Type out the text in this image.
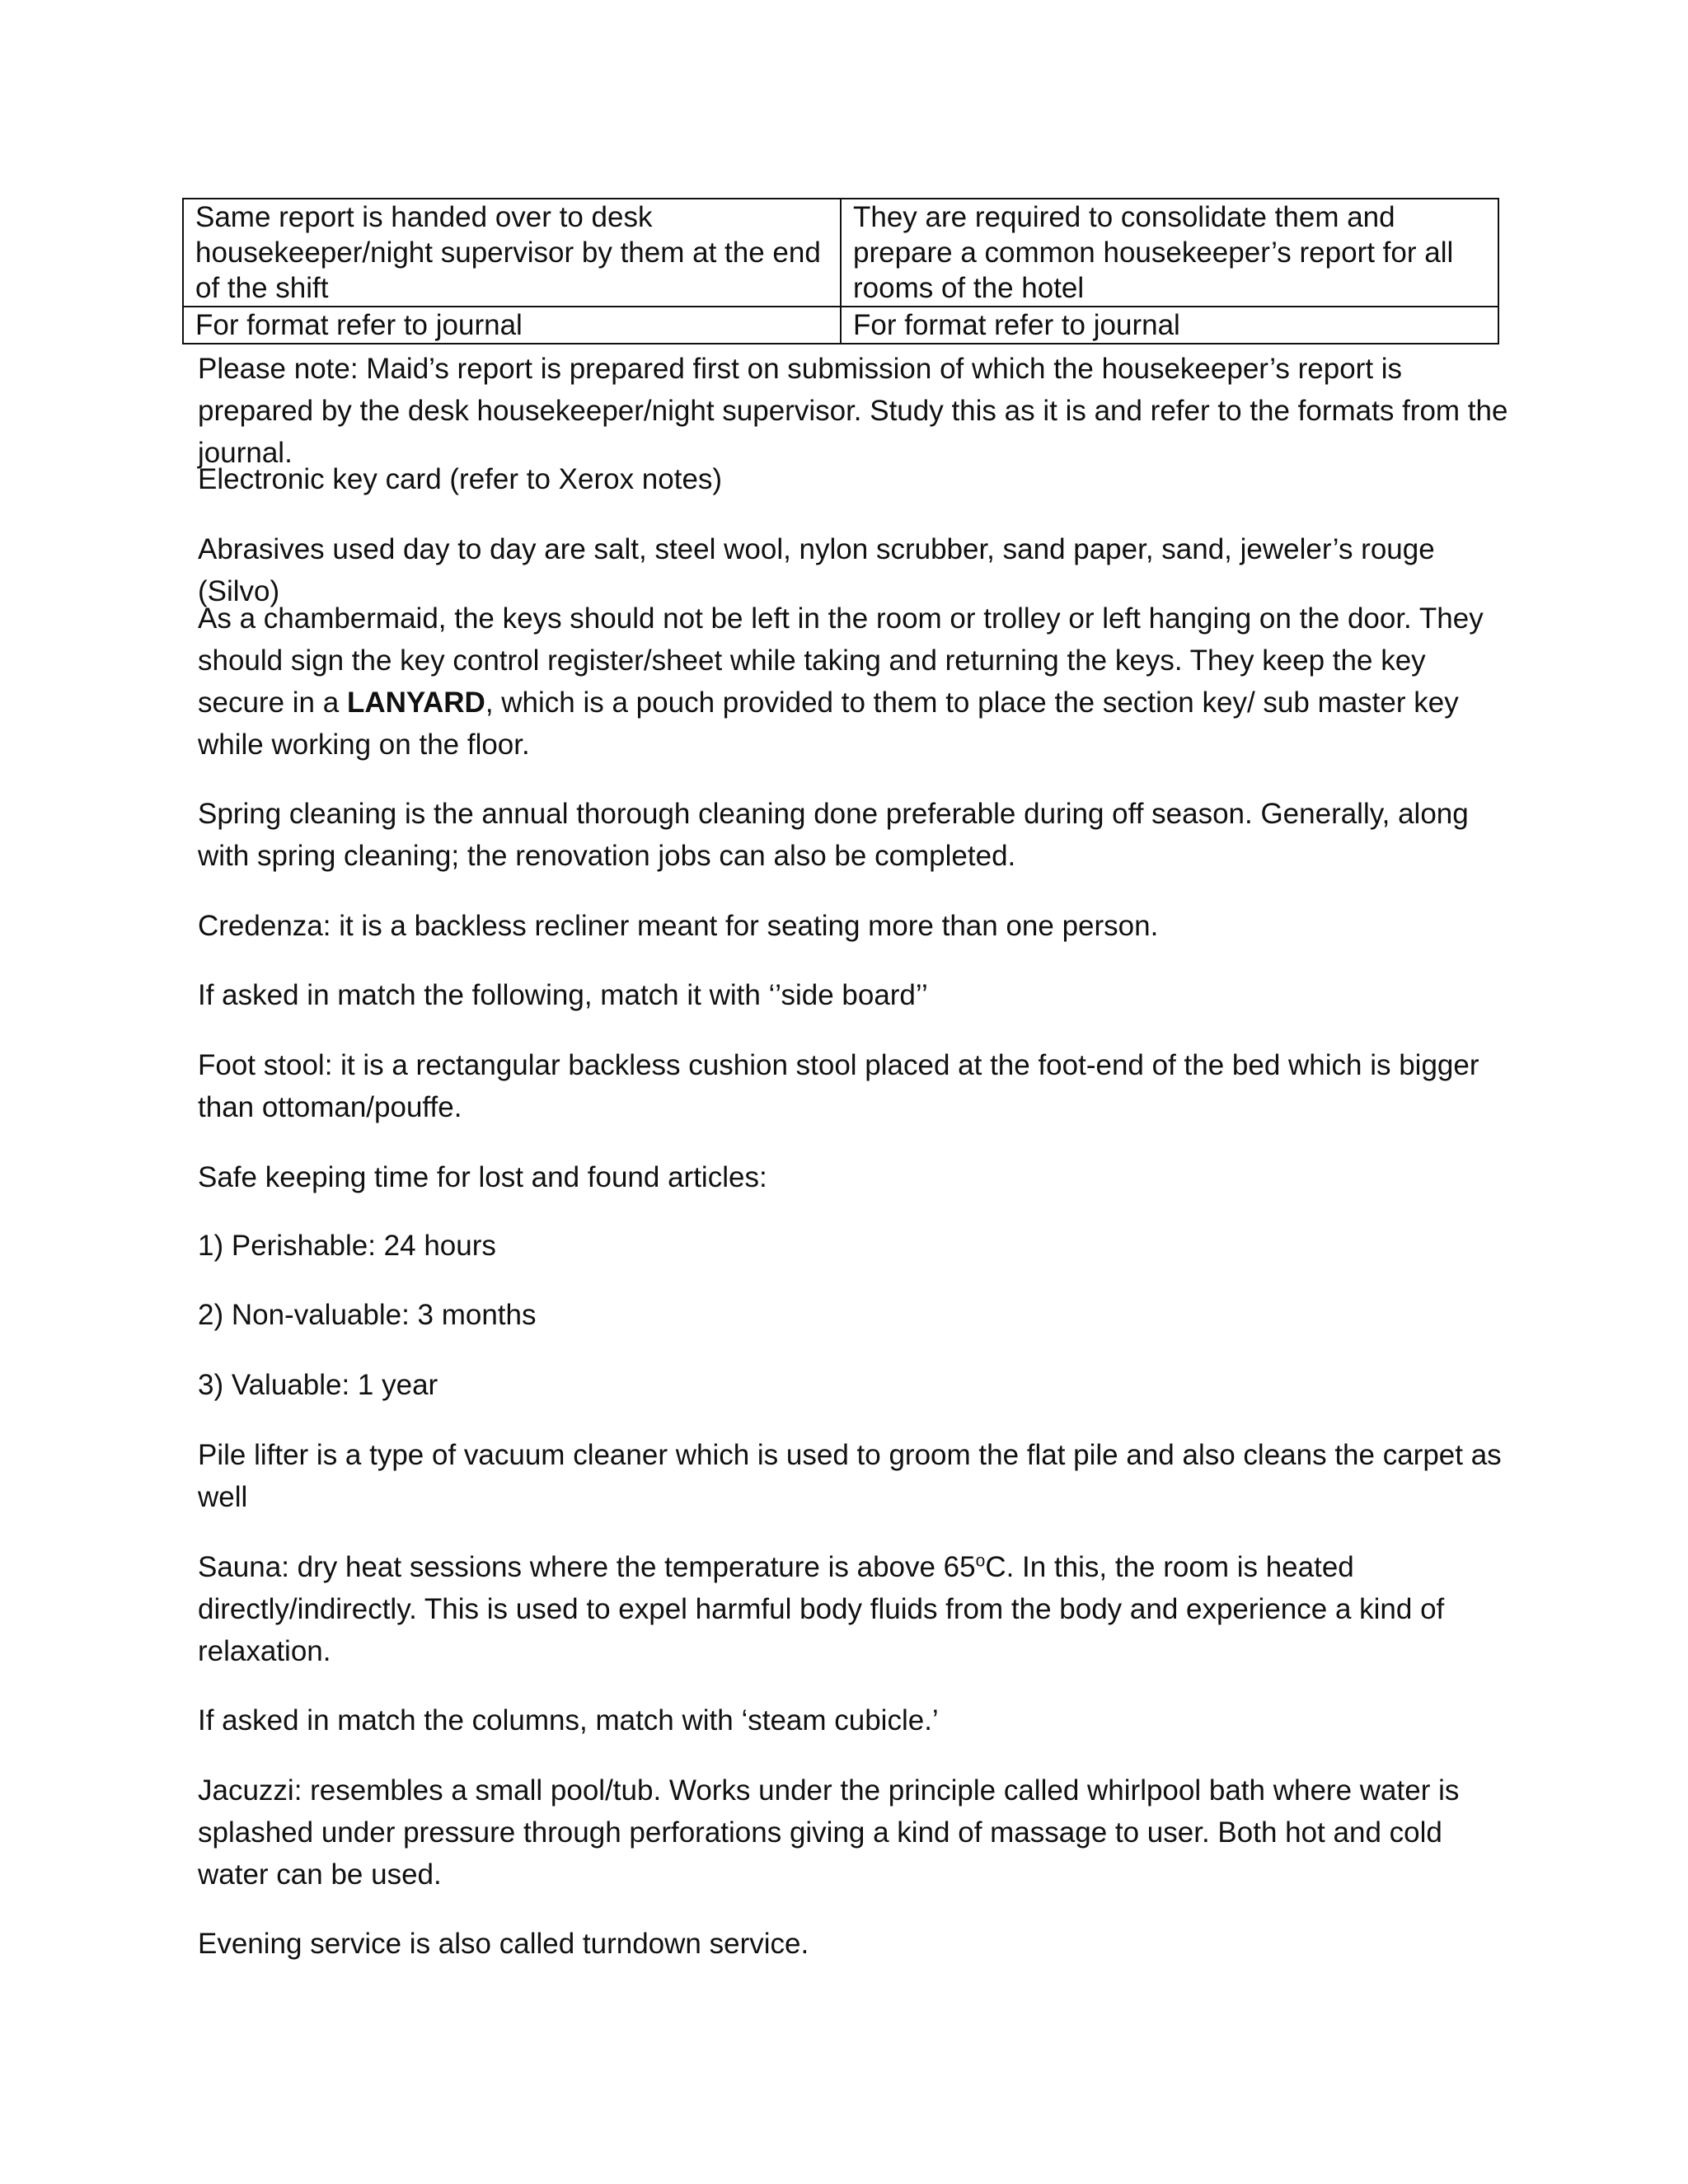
Same report is handed over to desk housekeeper/night supervisor by them at the end of the shift	They are required to consolidate them and prepare a common housekeeper’s report for all rooms of the hotel
For format refer to journal	For format refer to journal

Please note: Maid’s report is prepared first on submission of which the housekeeper’s report is prepared by the desk housekeeper/night supervisor. Study this as it is and refer to the formats from the journal.

Electronic key card (refer to Xerox notes)

Abrasives used day to day are salt, steel wool, nylon scrubber, sand paper, sand, jeweler’s rouge (Silvo)

As a chambermaid, the keys should not be left in the room or trolley or left hanging on the door. They should sign the key control register/sheet while taking and returning the keys. They keep the key secure in a LANYARD, which is a pouch provided to them to place the section key/ sub master key while working on the floor.

Spring cleaning is the annual thorough cleaning done preferable during off season. Generally, along with spring cleaning; the renovation jobs can also be completed.

Credenza: it is a backless recliner meant for seating more than one person.

If asked in match the following, match it with ‘’side board’’

Foot stool: it is a rectangular backless cushion stool placed at the foot-end of the bed which is bigger than ottoman/pouffe.

Safe keeping time for lost and found articles:

1) Perishable: 24 hours

2) Non-valuable: 3 months

3) Valuable: 1 year

Pile lifter is a type of vacuum cleaner which is used to groom the flat pile and also cleans the carpet as well

Sauna: dry heat sessions where the temperature is above 65$^o$C. In this, the room is heated directly/indirectly. This is used to expel harmful body fluids from the body and experience a kind of relaxation.

If asked in match the columns, match with ‘steam cubicle.’

Jacuzzi: resembles a small pool/tub. Works under the principle called whirlpool bath where water is splashed under pressure through perforations giving a kind of massage to user. Both hot and cold water can be used.

Evening service is also called turndown service.
